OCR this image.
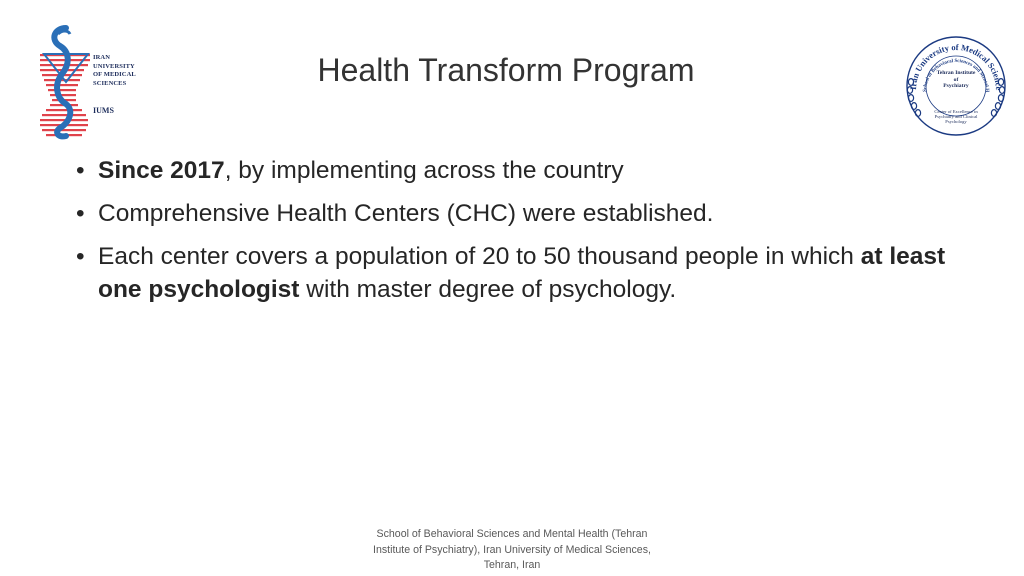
IRAN
UNIVERSITY
OF MEDICAL
SCIENCES
IUMS
Health Transform Program
Iran University of Medical Science
School of Behavioral Sciences and Mental H
Tehran Institute
of
Psychiatry
Center of Excellence in
Psychiatry and Clinical Psychology
• Since 2017, by implementing across the country
• Comprehensive Health Centers (CHC) were established.
• Each center covers a population of 20 to 50 thousand people in which at least one psychologist with master degree of psychology.
School of Behavioral Sciences and Mental Health (Tehran
Institute of Psychiatry), Iran University of Medical Sciences,
Tehran, Iran
